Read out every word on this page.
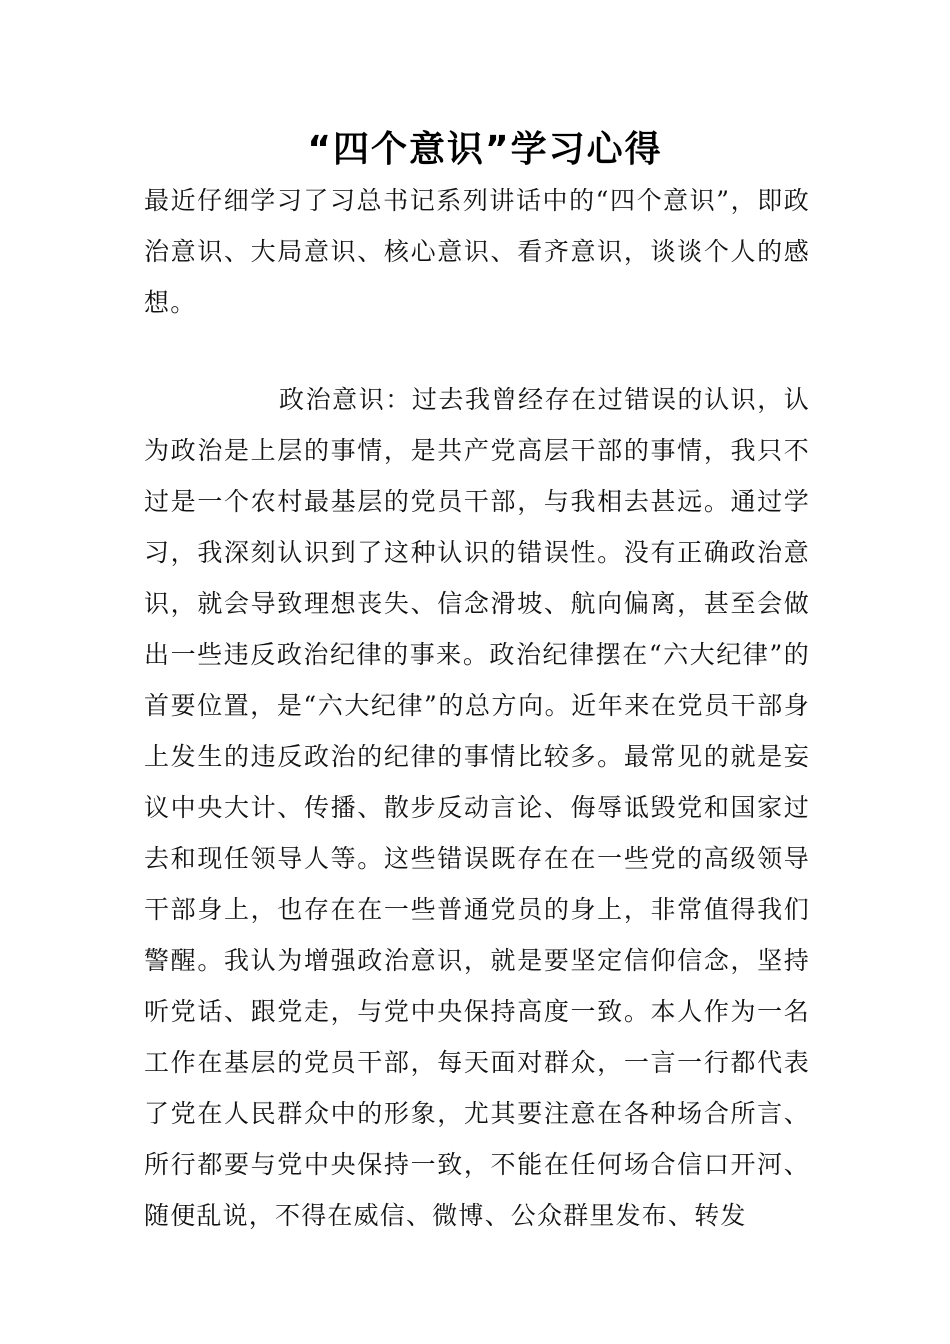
“四个意识”学习心得

最近仔细学习了习总书记系列讲话中的“四个意识”，即政治意识、大局意识、核心意识、看齐意识，谈谈个人的感想。

政治意识：过去我曾经存在过错误的认识，认为政治是上层的事情，是共产党高层干部的事情，我只不过是一个农村最基层的党员干部，与我相去甚远。通过学习，我深刻认识到了这种认识的错误性。没有正确政治意识，就会导致理想丧失、信念滑坡、航向偏离，甚至会做出一些违反政治纪律的事来。政治纪律摆在“六大纪律”的首要位置，是“六大纪律”的总方向。近年来在党员干部身上发生的违反政治的纪律的事情比较多。最常见的就是妄议中央大计、传播、散步反动言论、侮辱诋毁党和国家过去和现任领导人等。这些错误既存在在一些党的高级领导干部身上，也存在在一些普通党员的身上，非常值得我们警醒。我认为增强政治意识，就是要坚定信仰信念，坚持听党话、跟党走，与党中央保持高度一致。本人作为一名工作在基层的党员干部，每天面对群众，一言一行都代表了党在人民群众中的形象，尤其要注意在各种场合所言、所行都要与党中央保持一致，不能在任何场合信口开河、随便乱说，不得在威信、微博、公众群里发布、转发
